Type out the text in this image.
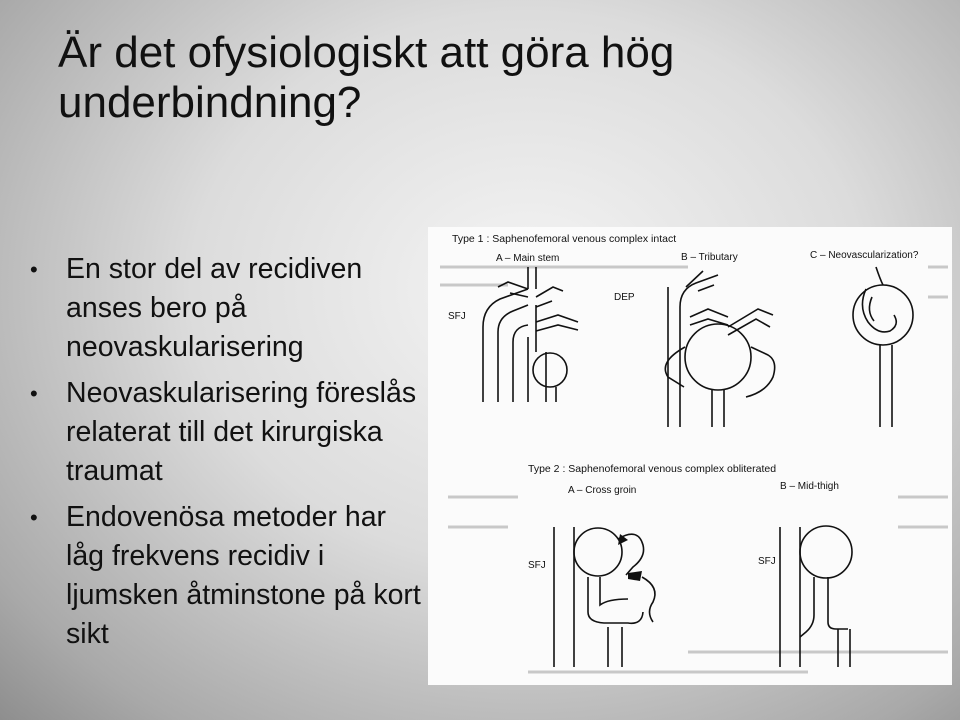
Är det ofysiologiskt att göra hög underbindning?
• En stor del av recidiven anses bero på neovaskularisering
• Neovaskularisering föreslås relaterat till det kirurgiska traumat
• Endovenösa metoder har låg frekvens recidiv i ljumsken åtminstone på kort sikt
Type 1 : Saphenofemoral venous complex intact
A – Main stem	B – Tributary	C – Neovascularization?
SFJ
DEP
Type 2 : Saphenofemoral venous complex obliterated
A – Cross groin	B – Mid-thigh
SFJ	SFJ
